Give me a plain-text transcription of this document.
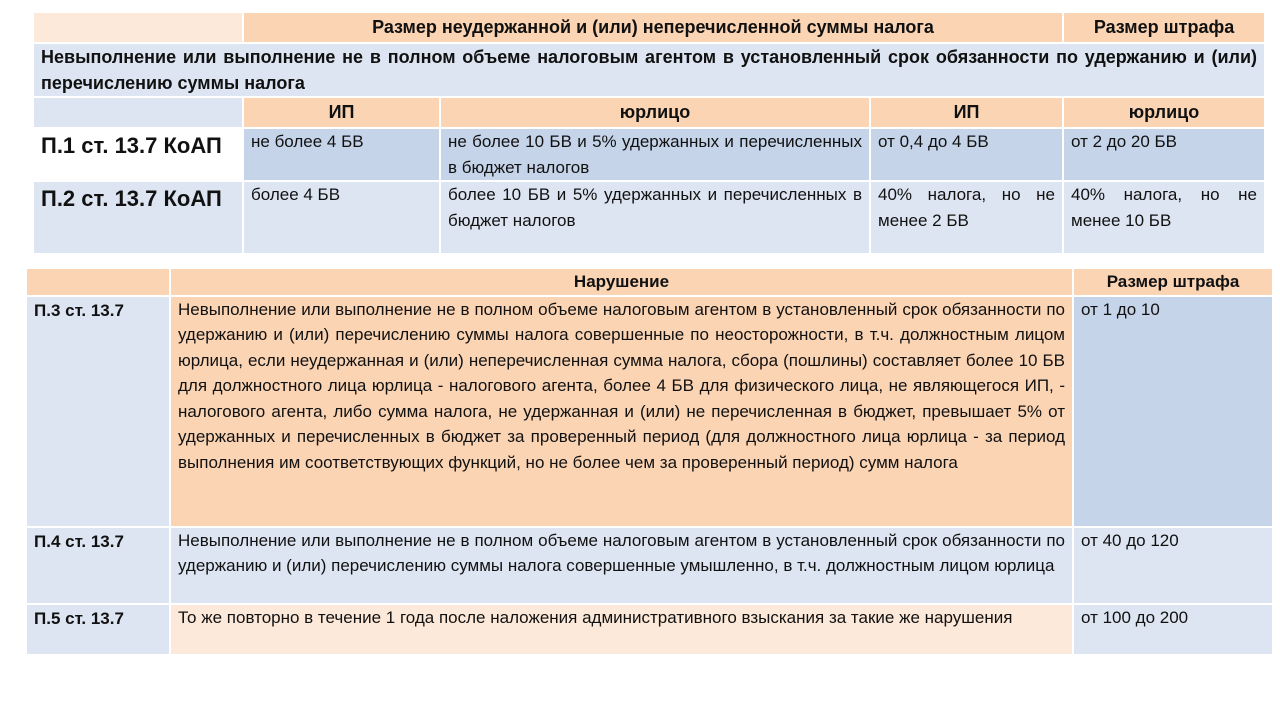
	Размер неудержанной и (или) неперечисленной суммы налога			Размер штрафа
Невыполнение или выполнение не в полном объеме налоговым агентом в установленный срок обязанности по удержанию и (или) перечислению суммы налога				
	ИП	юрлицо	ИП	юрлицо
П.1 ст. 13.7 КоАП	не более 4 БВ	не более 10 БВ и 5% удержанных и перечисленных в бюджет налогов	от 0,4 до 4 БВ	от 2 до 20 БВ
П.2 ст. 13.7 КоАП	более 4 БВ	более 10 БВ и 5% удержанных и перечисленных в бюджет налогов	40% налога, но не менее 2 БВ	40% налога, но не менее 10 БВ
	Нарушение	Размер штрафа
П.3 ст. 13.7	Невыполнение или выполнение не в полном объеме налоговым агентом в установленный срок обязанности по удержанию и (или) перечислению суммы налога совершенные по неосторожности, в т.ч. должностным лицом юрлица, если неудержанная и (или) неперечисленная сумма налога, сбора (пошлины) составляет более 10 БВ для должностного лица юрлица - налогового агента, более 4 БВ для физического лица, не являющегося ИП, - налогового агента, либо сумма налога, не удержанная и (или) не перечисленная в бюджет, превышает 5% от удержанных и перечисленных в бюджет за проверенный период (для должностного лица юрлица - за период выполнения им соответствующих функций, но не более чем за проверенный период) сумм налога	от 1 до 10
П.4 ст. 13.7	Невыполнение или выполнение не в полном объеме налоговым агентом в установленный срок обязанности по удержанию и (или) перечислению суммы налога совершенные умышленно, в т.ч. должностным лицом юрлица	от 40 до 120
П.5 ст. 13.7	То же повторно в течение 1 года после наложения административного взыскания за такие же нарушения	от 100 до 200
